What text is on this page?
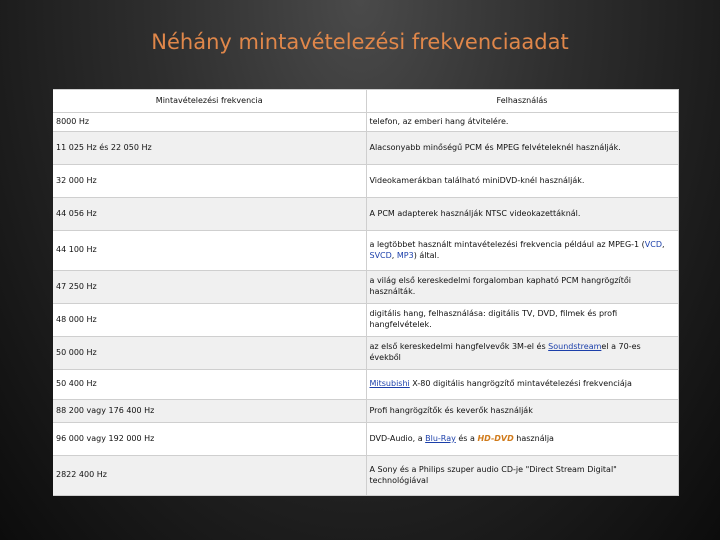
Néhány mintavételezési frekvenciaadat
Mintavételezési frekvencia	Felhasználás
8000 Hz	telefon, az emberi hang átvitelére.
11 025 Hz és 22 050 Hz	Alacsonyabb minőségű PCM és MPEG felvételeknél használják.
32 000 Hz	Videokamerákban található miniDVD-knél használják.
44 056 Hz	A PCM adapterek használják NTSC videokazettáknál.
44 100 Hz	a legtöbbet használt mintavételezési frekvencia például az MPEG-1 (VCD, SVCD, MP3) által.
47 250 Hz	a világ első kereskedelmi forgalomban kapható PCM hangrögzítői használták.
48 000 Hz	digitális hang, felhasználása: digitális TV, DVD, filmek és profi hangfelvételek.
50 000 Hz	az első kereskedelmi hangfelvevők 3M-el és Soundstreamel a 70-es évekből
50 400 Hz	Mitsubishi X-80 digitális hangrögzítő mintavételezési frekvenciája
88 200 vagy 176 400 Hz	Profi hangrögzítők és keverők használják
96 000 vagy 192 000 Hz	DVD-Audio, a Blu-Ray és a HD-DVD használja
2822 400 Hz	A Sony és a Philips szuper audio CD-je "Direct Stream Digital" technológiával
